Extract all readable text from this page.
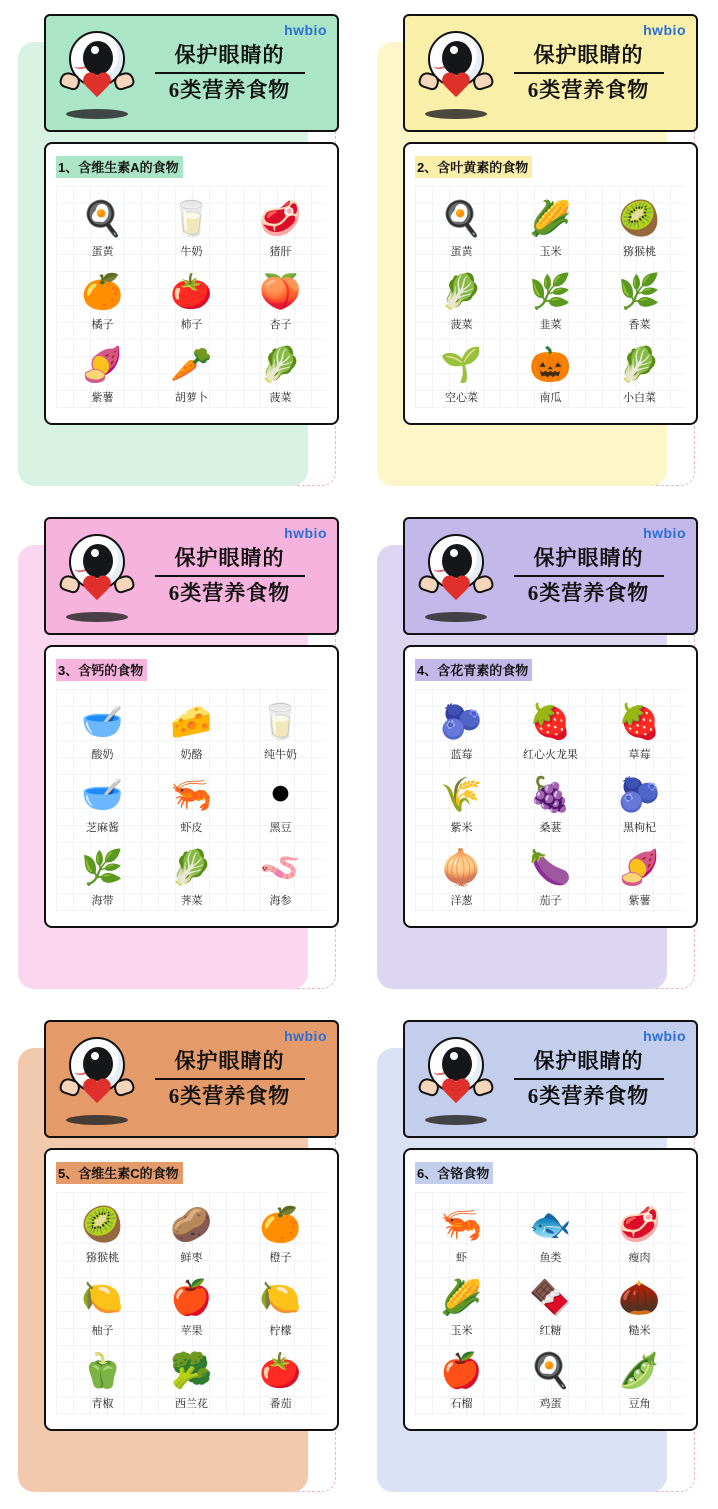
hwbio
保护眼睛的
6类营养食物
1、含维生素A的食物
🍳
蛋黄
🥛
牛奶
🥩
猪肝
🍊
橘子
🍅
柿子
🍑
杏子
🍠
紫薯
🥕
胡萝卜
🥬
菠菜
hwbio
保护眼睛的
6类营养食物
2、含叶黄素的食物
🍳
蛋黄
🌽
玉米
🥝
猕猴桃
🥬
菠菜
🌿
韭菜
🌿
香菜
🌱
空心菜
🎃
南瓜
🥬
小白菜
hwbio
保护眼睛的
6类营养食物
3、含钙的食物
🥣
酸奶
🧀
奶酪
🥛
纯牛奶
🥣
芝麻酱
🦐
虾皮
⚫
黑豆
🌿
海带
🥬
荠菜
🪱
海参
hwbio
保护眼睛的
6类营养食物
4、含花青素的食物
🫐
蓝莓
🍓
红心火龙果
🍓
草莓
🌾
紫米
🍇
桑葚
🫐
黑枸杞
🧅
洋葱
🍆
茄子
🍠
紫薯
hwbio
保护眼睛的
6类营养食物
5、含维生素C的食物
🥝
猕猴桃
🥔
鲜枣
🍊
橙子
🍋
柚子
🍎
苹果
🍋
柠檬
🫑
青椒
🥦
西兰花
🍅
番茄
hwbio
保护眼睛的
6类营养食物
6、含铬食物
🦐
虾
🐟
鱼类
🥩
瘦肉
🌽
玉米
🍫
红糖
🌰
糙米
🍎
石榴
🍳
鸡蛋
🫛
豆角
